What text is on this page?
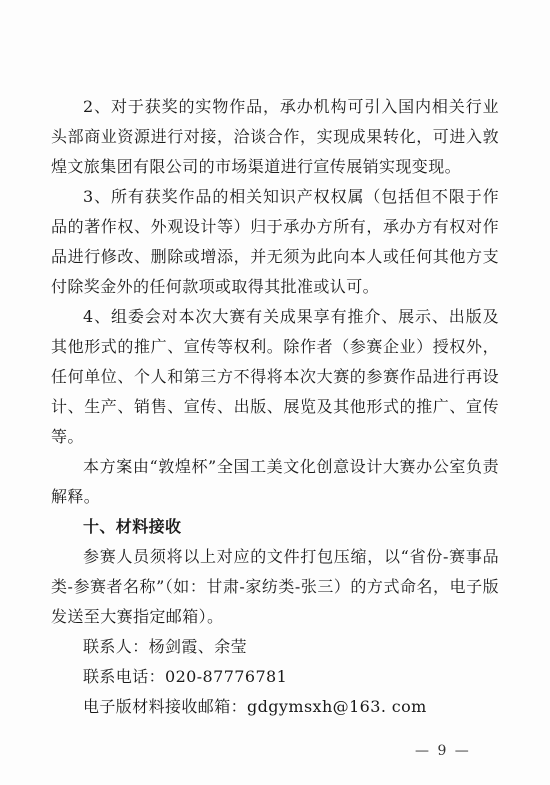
2、对于获奖的实物作品，承办机构可引入国内相关行业头部商业资源进行对接，洽谈合作，实现成果转化，可进入敦煌文旅集团有限公司的市场渠道进行宣传展销实现变现。

3、所有获奖作品的相关知识产权权属（包括但不限于作品的著作权、外观设计等）归于承办方所有，承办方有权对作品进行修改、删除或增添，并无须为此向本人或任何其他方支付除奖金外的任何款项或取得其批准或认可。

4、组委会对本次大赛有关成果享有推介、展示、出版及其他形式的推广、宣传等权利。除作者（参赛企业）授权外，任何单位、个人和第三方不得将本次大赛的参赛作品进行再设计、生产、销售、宣传、出版、展览及其他形式的推广、宣传等。

本方案由“敦煌杯”全国工美文化创意设计大赛办公室负责解释。

十、材料接收

参赛人员须将以上对应的文件打包压缩，以“省份-赛事品类-参赛者名称”（如：甘肃-家纺类-张三）的方式命名，电子版发送至大赛指定邮箱）。

联系人：杨剑霞、余莹

联系电话：020-87776781

电子版材料接收邮箱：gdgymsxh@163. com

— 9 —
